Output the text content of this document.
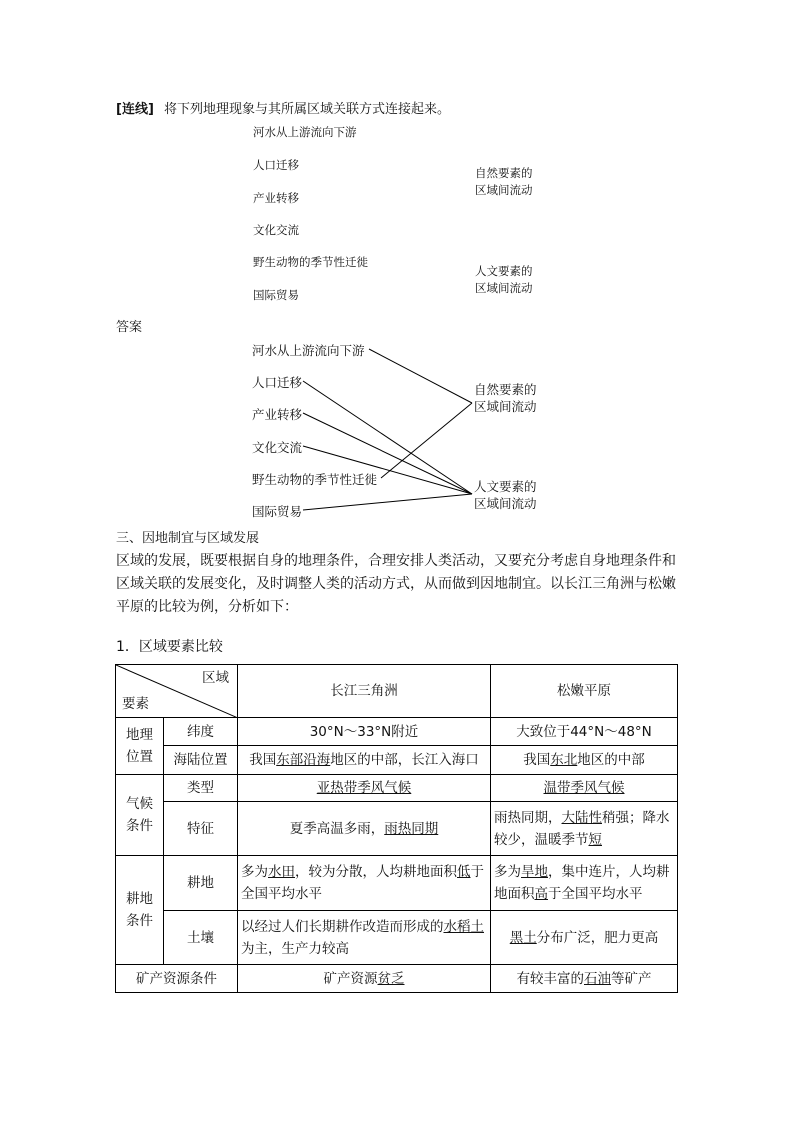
[连线] 将下列地理现象与其所属区域关联方式连接起来。
河水从上游流向下游
人口迁移
产业转移
文化交流
野生动物的季节性迁徙
国际贸易
自然要素的
区域间流动
人文要素的
区域间流动
答案
河水从上游流向下游
人口迁移
产业转移
文化交流
野生动物的季节性迁徙
国际贸易
自然要素的
区域间流动
人文要素的
区域间流动
三、因地制宜与区域发展
区域的发展，既要根据自身的地理条件，合理安排人类活动，又要充分考虑自身地理条件和区域关联的发展变化，及时调整人类的活动方式，从而做到因地制宜。以长江三角洲与松嫩平原的比较为例，分析如下：
1．区域要素比较
区域
要素		长江三角洲	松嫩平原
地理位置	纬度	30°N～33°N附近	大致位于44°N～48°N
	海陆位置	我国东部沿海地区的中部，长江入海口	我国东北地区的中部
气候条件	类型	亚热带季风气候	温带季风气候
	特征	夏季高温多雨，雨热同期	雨热同期，大陆性稍强；降水较少，温暖季节短
耕地条件	耕地	多为水田，较为分散，人均耕地面积低于全国平均水平	多为旱地，集中连片，人均耕地面积高于全国平均水平
	土壤	以经过人们长期耕作改造而形成的水稻土为主，生产力较高	黑土分布广泛，肥力更高
矿产资源条件		矿产资源贫乏	有较丰富的石油等矿产
